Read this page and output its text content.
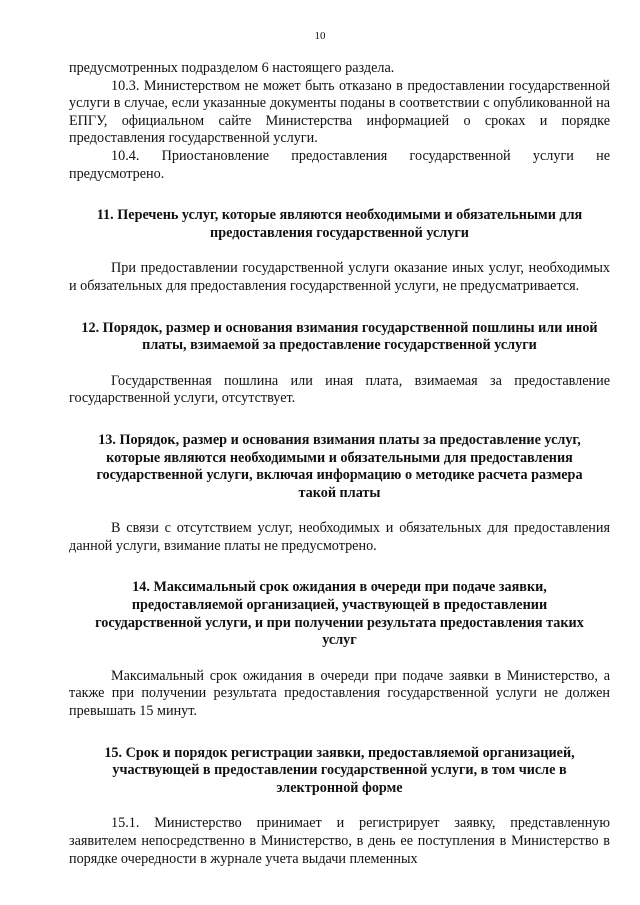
10

предусмотренных подразделом 6 настоящего раздела.

10.3. Министерством не может быть отказано в предоставлении государственной услуги в случае, если указанные документы поданы в соответствии с опубликованной на ЕПГУ, официальном сайте Министерства информацией о сроках и порядке предоставления государственной услуги.

10.4. Приостановление предоставления государственной услуги не предусмотрено.

11. Перечень услуг, которые являются необходимыми и обязательными для предоставления государственной услуги

При предоставлении государственной услуги оказание иных услуг, необходимых и обязательных для предоставления государственной услуги, не предусматривается.

12. Порядок, размер и основания взимания государственной пошлины или иной платы, взимаемой за предоставление государственной услуги

Государственная пошлина или иная плата, взимаемая за предоставление государственной услуги, отсутствует.

13. Порядок, размер и основания взимания платы за предоставление услуг, которые являются необходимыми и обязательными для предоставления государственной услуги, включая информацию о методике расчета размера такой платы

В связи с отсутствием услуг, необходимых и обязательных для предоставления данной услуги, взимание платы не предусмотрено.

14. Максимальный срок ожидания в очереди при подаче заявки, предоставляемой организацией, участвующей в предоставлении государственной услуги, и при получении результата предоставления таких услуг

Максимальный срок ожидания в очереди при подаче заявки в Министерство, а также при получении результата предоставления государственной услуги не должен превышать 15 минут.

15. Срок и порядок регистрации заявки, предоставляемой организацией, участвующей в предоставлении государственной услуги, в том числе в электронной форме

15.1. Министерство принимает и регистрирует заявку, представленную заявителем непосредственно в Министерство, в день ее поступления в Министерство в порядке очередности в журнале учета выдачи племенных
